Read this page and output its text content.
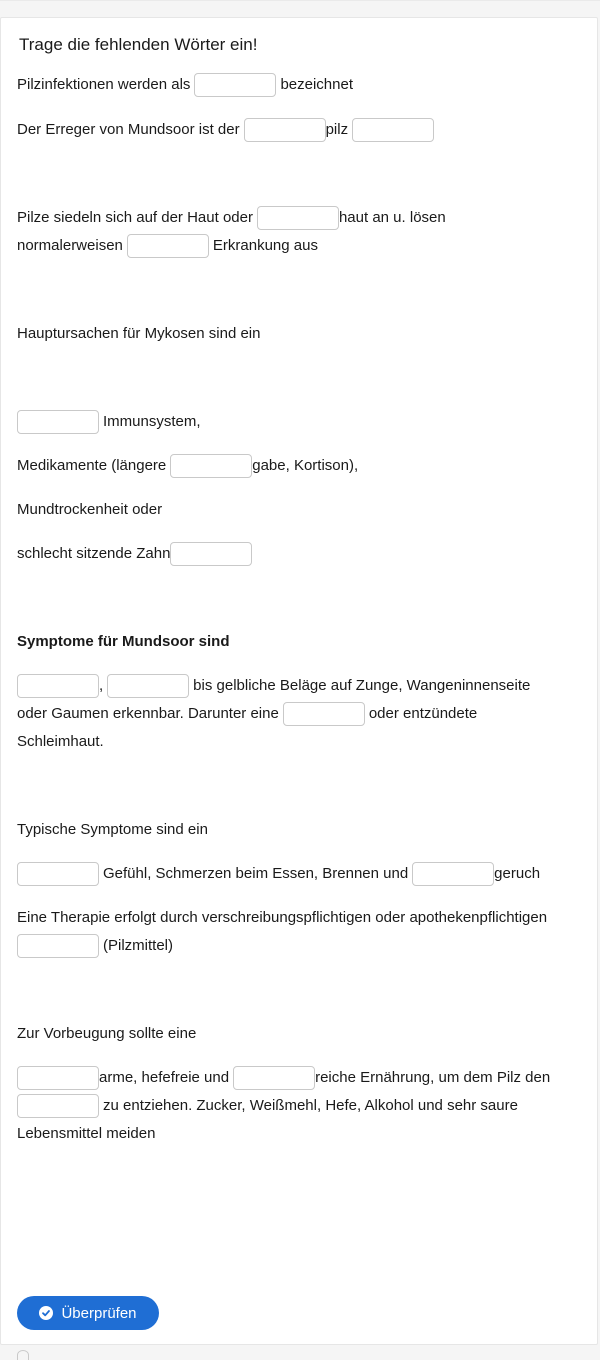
Trage die fehlenden Wörter ein!
Pilzinfektionen werden als	bezeichnet
Der Erreger von Mundsoor ist der	pilz
Pilze siedeln sich auf der Haut oder	haut an u. lösen
normalerweisen	Erkrankung aus
Hauptursachen für Mykosen sind ein
Immunsystem,
Medikamente (längere	gabe, Kortison),
Mundtrockenheit oder
schlecht sitzende Zahn
Symptome für Mundsoor sind
,	bis gelbliche Beläge auf Zunge, Wangeninnenseite
oder Gaumen erkennbar. Darunter eine	oder entzündete
Schleimhaut.
Typische Symptome sind ein
Gefühl, Schmerzen beim Essen, Brennen und	geruch
Eine Therapie erfolgt durch verschreibungspflichtigen oder apothekenpflichtigen
(Pilzmittel)
Zur Vorbeugung sollte eine
arme, hefefreie und	reiche Ernährung, um dem Pilz den
zu entziehen. Zucker, Weißmehl, Hefe, Alkohol und sehr saure
Lebensmittel meiden
Überprüfen
